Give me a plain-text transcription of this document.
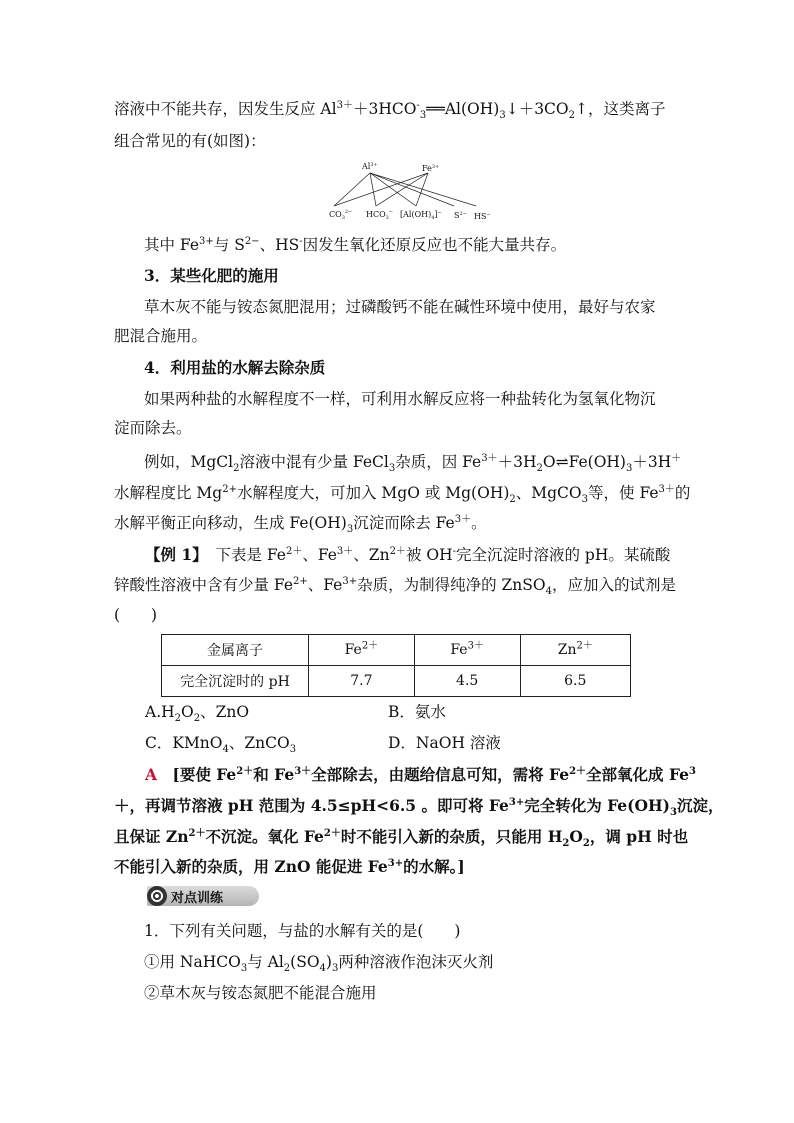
溶液中不能共存，因发生反应 $Al^{3+}+3HCO^-_3══Al(OH)_3↓+3CO_2↑$，这类离子
组合常见的有(如图)：
$Al^{3+}$	$Fe^{3+}$
$CO_3^{2-}$ $HCO_3^-$ $[Al(OH)_4]^-$ $S^{2-}$ HS−
其中 $Fe^{3+}$与 $S^{2-}$、HS-因发生氧化还原反应也不能大量共存。
3．某些化肥的施用
草木灰不能与铵态氮肥混用；过磷酸钙不能在碱性环境中使用，最好与农家
肥混合施用。
4．利用盐的水解去除杂质
如果两种盐的水解程度不一样，可利用水解反应将一种盐转化为氢氧化物沉
淀而除去。
例如，MgCl$_2$溶液中混有少量 FeCl$_3$杂质，因 $Fe^{3+}+3H_2O\rightleftharpoons Fe(OH)_3+3H^+$
水解程度比 $Mg^{2+}$水解程度大，可加入 MgO 或 $Mg(OH)_2$、MgCO$_3$等，使 $Fe^{3+}$的
水解平衡正向移动，生成 $Fe(OH)_3$沉淀而除去 $Fe^{3+}$。
【例 1】　下表是 $Fe^{2+}$、$Fe^{3+}$、$Zn^{2+}$被 OH-完全沉淀时溶液的 pH。某硫酸
锌酸性溶液中含有少量 $Fe^{2+}$、$Fe^{3+}$杂质，为制得纯净的 ZnSO$_4$，应加入的试剂是
(　　)
金属离子	$Fe^{2+}$	$Fe^{3+}$	$Zn^{2+}$
完全沉淀时的 pH	7.7	4.5	6.5
$A.H_2O_2$、ZnO	B．氨水
C．KMnO$_4$、ZnCO$_3$	D．NaOH 溶液
A　 [要使 $Fe^{2+}$和 $Fe^{3+}$全部除去，由题给信息可知，需将 $Fe^{2+}$全部氧化成 $Fe^3$
＋，再调节溶液 pH 范围为 4.5≤pH<6.5 。即可将 $Fe^{3+}$完全转化为 $Fe(OH)_3$沉淀，
且保证 $Zn^{2+}$不沉淀。氧化 $Fe^{2+}$时不能引入新的杂质，只能用 $H_2O_2$，调 pH 时也
不能引入新的杂质，用 ZnO 能促进 $Fe^{3+}$的水解。]
对点训练
1．下列有关问题，与盐的水解有关的是(　　)
①用 NaHCO$_3$与 $Al_2(SO_4)_3$两种溶液作泡沫灭火剂
②草木灰与铵态氮肥不能混合施用
